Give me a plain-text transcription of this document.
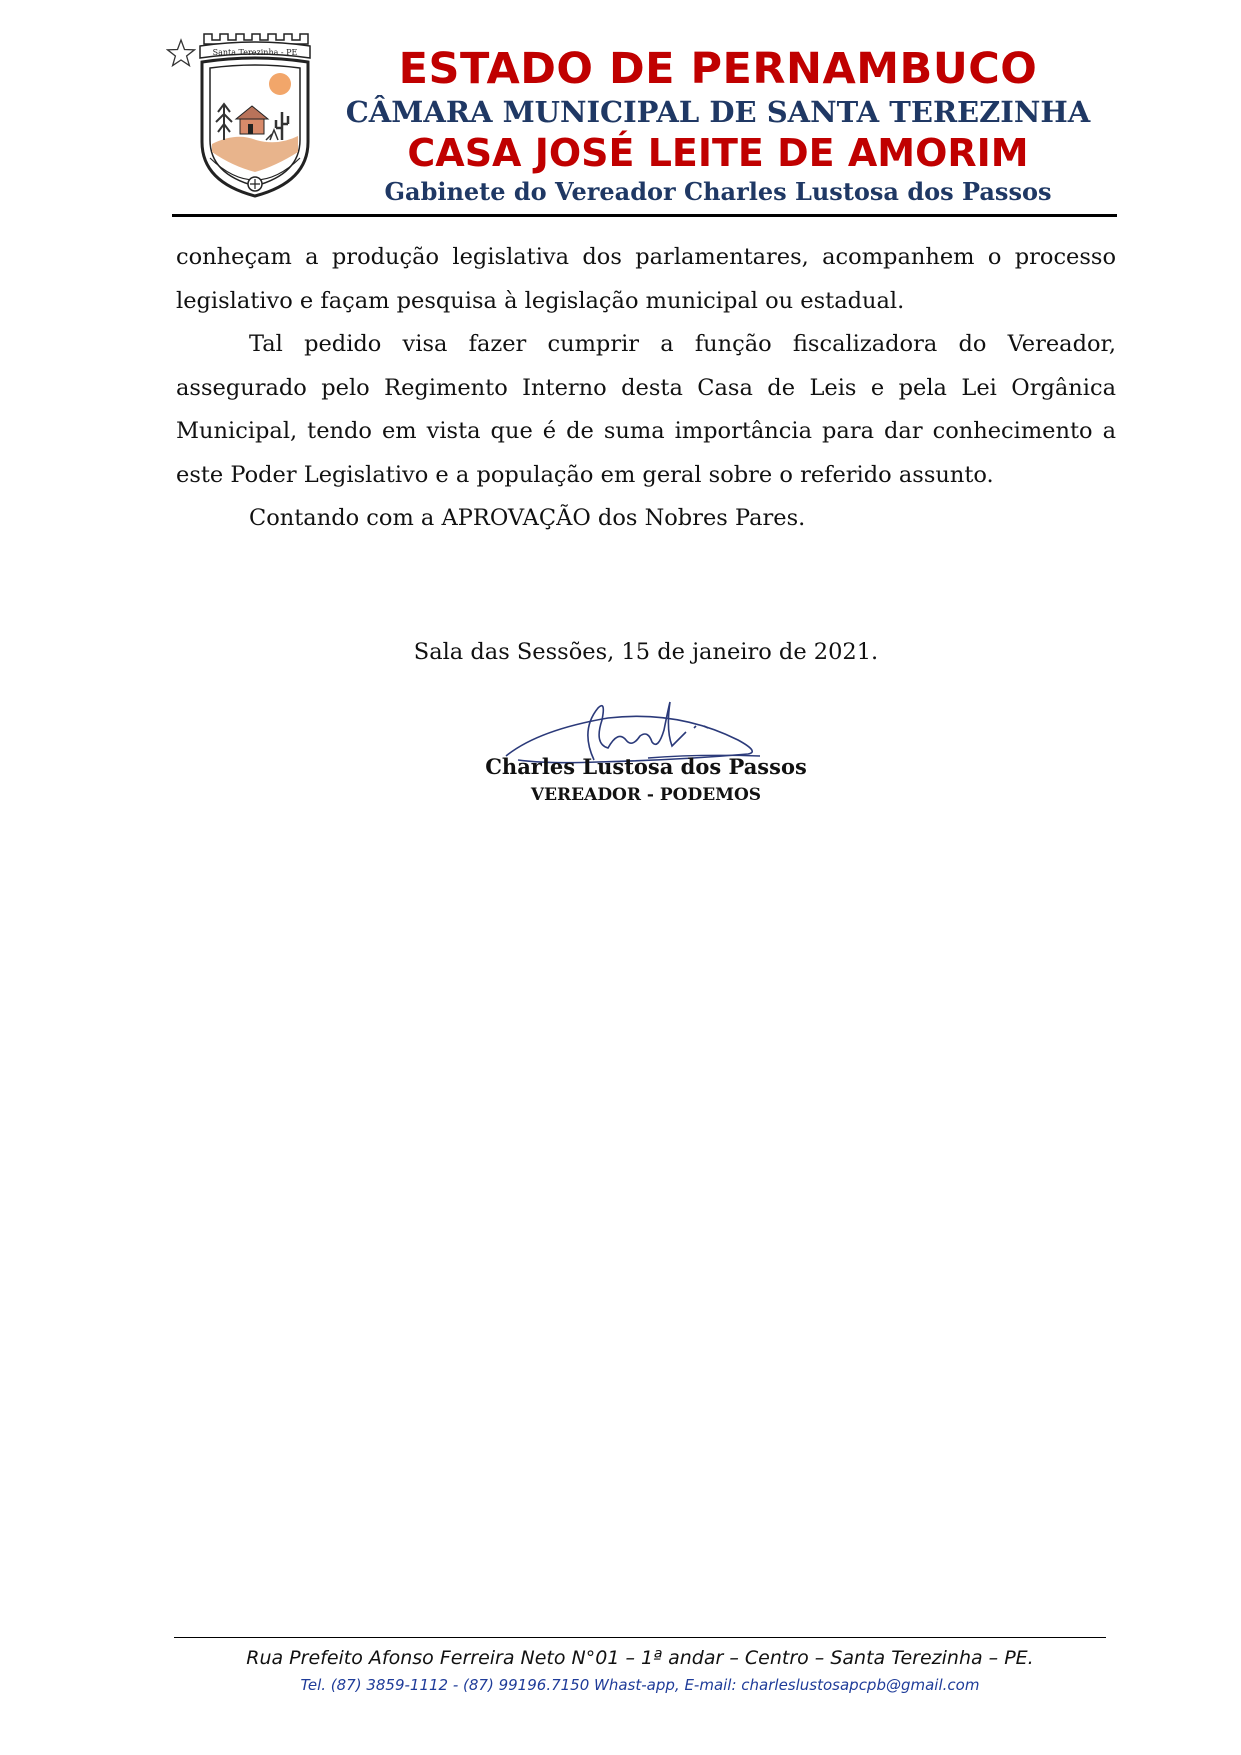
Santa Terezinha - PE	ESTADO DE PERNAMBUCO

CÂMARA MUNICIPAL DE SANTA TEREZINHA

CASA JOSÉ LEITE DE AMORIM

Gabinete do Vereador Charles Lustosa dos Passos

conheçam a produção legislativa dos parlamentares, acompanhem o processo legislativo e façam pesquisa à legislação municipal ou estadual.

Tal pedido visa fazer cumprir a função fiscalizadora do Vereador, assegurado pelo Regimento Interno desta Casa de Leis e pela Lei Orgânica Municipal, tendo em vista que é de suma importância para dar conhecimento a este Poder Legislativo e a população em geral sobre o referido assunto.

Contando com a APROVAÇÃO dos Nobres Pares.

Sala das Sessões, 15 de janeiro de 2021.
Charles Lustosa dos Passos
VEREADOR - PODEMOS
Rua Prefeito Afonso Ferreira Neto N°01 – 1ª andar – Centro – Santa Terezinha – PE.
Tel. (87) 3859-1112 - (87) 99196.7150 Whast-app, E-mail: charleslustosapcpb@gmail.com
